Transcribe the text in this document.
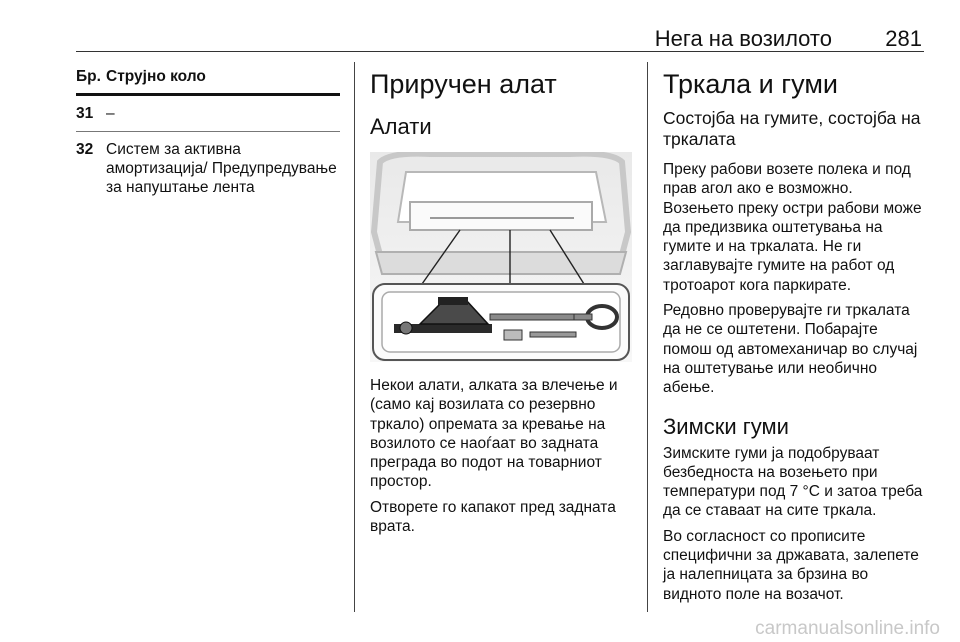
Нега на возилото 281
Бр. Струјно коло
31 –
32 Систем за активна амортизација/ Предупредување за напуштање лента
Приручен алат
Алати

Некои алати, алката за влечење и (само кај возилата со резервно тркало) опремата за кревање на возилото се наоѓаат во задната преграда во подот на товарниот простор.

Отворете го капакот пред задната врата.

Тркала и гуми
Состојба на гумите, состојба на тркалата

Преку рабови возете полека и под прав агол ако е возможно. Возењето преку остри рабови може да предизвика оштетувања на гумите и на тркалата. Не ги заглавувајте гумите на работ од тротоарот кога паркирате.

Редовно проверувајте ги тркалата да не се оштетени. Побарајте помош од автомеханичар во случај на оштетување или необично абење.

Зимски гуми

Зимските гуми ја подобруваат безбедноста на возењето при температури под 7 °C и затоа треба да се ставаат на сите тркала.

Во согласност со прописите специфични за државата, залепете ја налепницата за брзина во видното поле на возачот.

carmanualsonline.info
